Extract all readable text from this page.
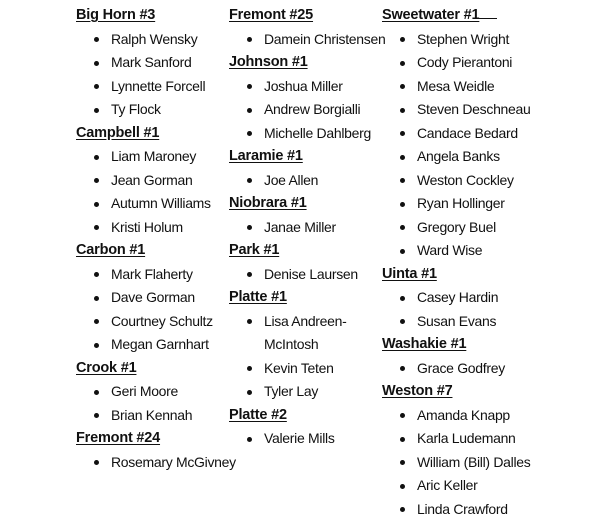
Big Horn #3
Ralph Wensky
Mark Sanford
Lynnette Forcell
Ty Flock
Campbell #1
Liam Maroney
Jean Gorman
Autumn Williams
Kristi Holum
Carbon #1
Mark Flaherty
Dave Gorman
Courtney Schultz
Megan Garnhart
Crook #1
Geri Moore
Brian Kennah
Fremont #24
Rosemary McGivney
Fremont #25
Damein Christensen
Johnson #1
Joshua Miller
Andrew Borgialli
Michelle Dahlberg
Laramie #1
Joe Allen
Niobrara #1
Janae Miller
Park #1
Denise Laursen
Platte #1
Lisa Andreen-McIntosh
Kevin Teten
Tyler Lay
Platte #2
Valerie Mills
Sweetwater #1
Stephen Wright
Cody Pierantoni
Mesa Weidle
Steven Deschneau
Candace Bedard
Angela Banks
Weston Cockley
Ryan Hollinger
Gregory Buel
Ward Wise
Uinta #1
Casey Hardin
Susan Evans
Washakie #1
Grace Godfrey
Weston #7
Amanda Knapp
Karla Ludemann
William (Bill) Dalles
Aric Keller
Linda Crawford
